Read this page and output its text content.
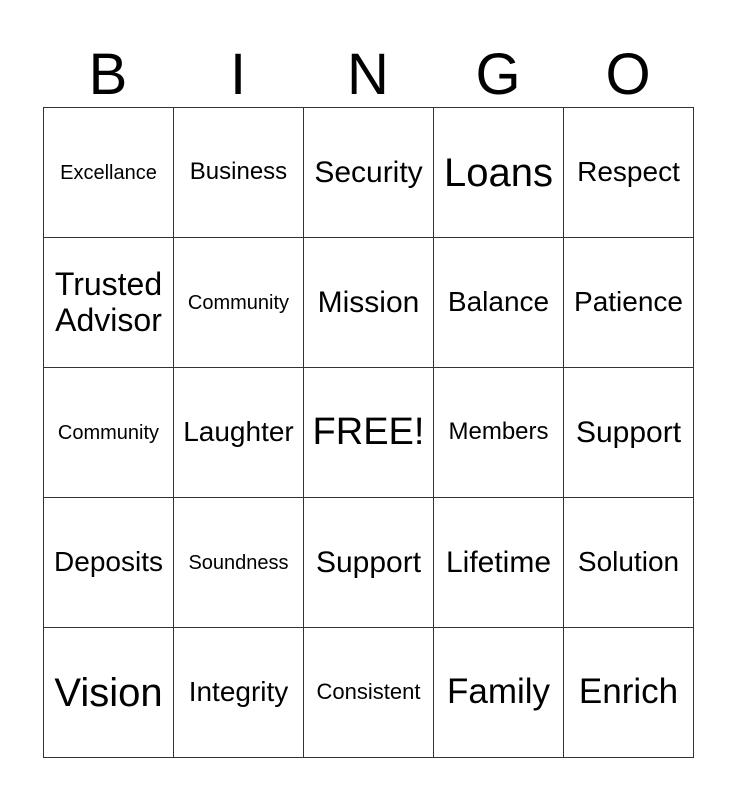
B	I	N	G	O
Excellance	Business	Security	Loans	Respect
Trusted Advisor	Community	Mission	Balance	Patience
Community	Laughter	FREE!	Members	Support
Deposits	Soundness	Support	Lifetime	Solution
Vision	Integrity	Consistent	Family	Enrich
